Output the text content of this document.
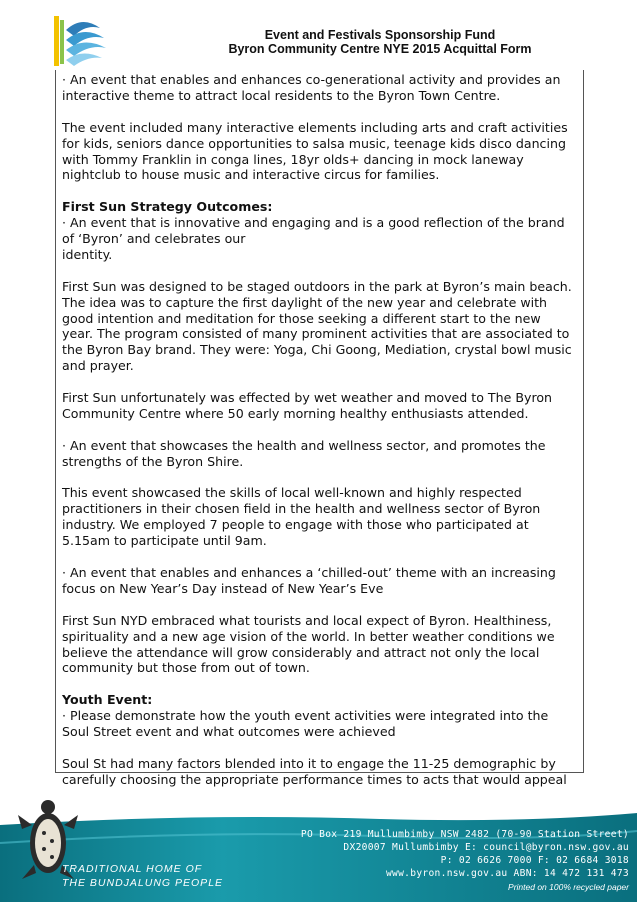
Event and Festivals Sponsorship Fund
Byron Community Centre NYE 2015 Acquittal Form

· An event that enables and enhances co-generational activity and provides an interactive theme to attract local residents to the Byron Town Centre.

The event included many interactive elements including arts and craft activities for kids, seniors dance opportunities to salsa music, teenage kids disco dancing with Tommy Franklin in conga lines, 18yr olds+ dancing in mock laneway nightclub to house music and interactive circus for families.

First Sun Strategy Outcomes:

· An event that is innovative and engaging and is a good reflection of the brand of ‘Byron’ and celebrates our
identity.

First Sun was designed to be staged outdoors in the park at Byron’s main beach. The idea was to capture the first daylight of the new year and celebrate with good intention and meditation for those seeking a different start to the new year. The program consisted of many prominent activities that are associated to the Byron Bay brand. They were: Yoga, Chi Goong, Mediation, crystal bowl music and prayer.

First Sun unfortunately was effected by wet weather and moved to The Byron Community Centre where 50 early morning healthy enthusiasts attended.

· An event that showcases the health and wellness sector, and promotes the strengths of the Byron Shire.

This event showcased the skills of local well-known and highly respected practitioners in their chosen field in the health and wellness sector of Byron industry. We employed 7 people to engage with those who participated at 5.15am to participate until 9am.

· An event that enables and enhances a ‘chilled-out’ theme with an increasing focus on New Year’s Day instead of New Year’s Eve

First Sun NYD embraced what tourists and local expect of Byron. Healthiness, spirituality and a new age vision of the world. In better weather conditions we believe the attendance will grow considerably and attract not only the local community but those from out of town.

Youth Event:

· Please demonstrate how the youth event activities were integrated into the Soul Street event and what outcomes were achieved

Soul St had many factors blended into it to engage the 11-25 demographic by carefully choosing the appropriate performance times to acts that would appeal

TRADITIONAL HOME OF
THE BUNDJALUNG PEOPLE
PO Box 219 Mullumbimby NSW 2482 (70-90 Station Street)
DX20007 Mullumbimby E: council@byron.nsw.gov.au
P: 02 6626 7000 F: 02 6684 3018
www.byron.nsw.gov.au ABN: 14 472 131 473
Printed on 100% recycled paper
